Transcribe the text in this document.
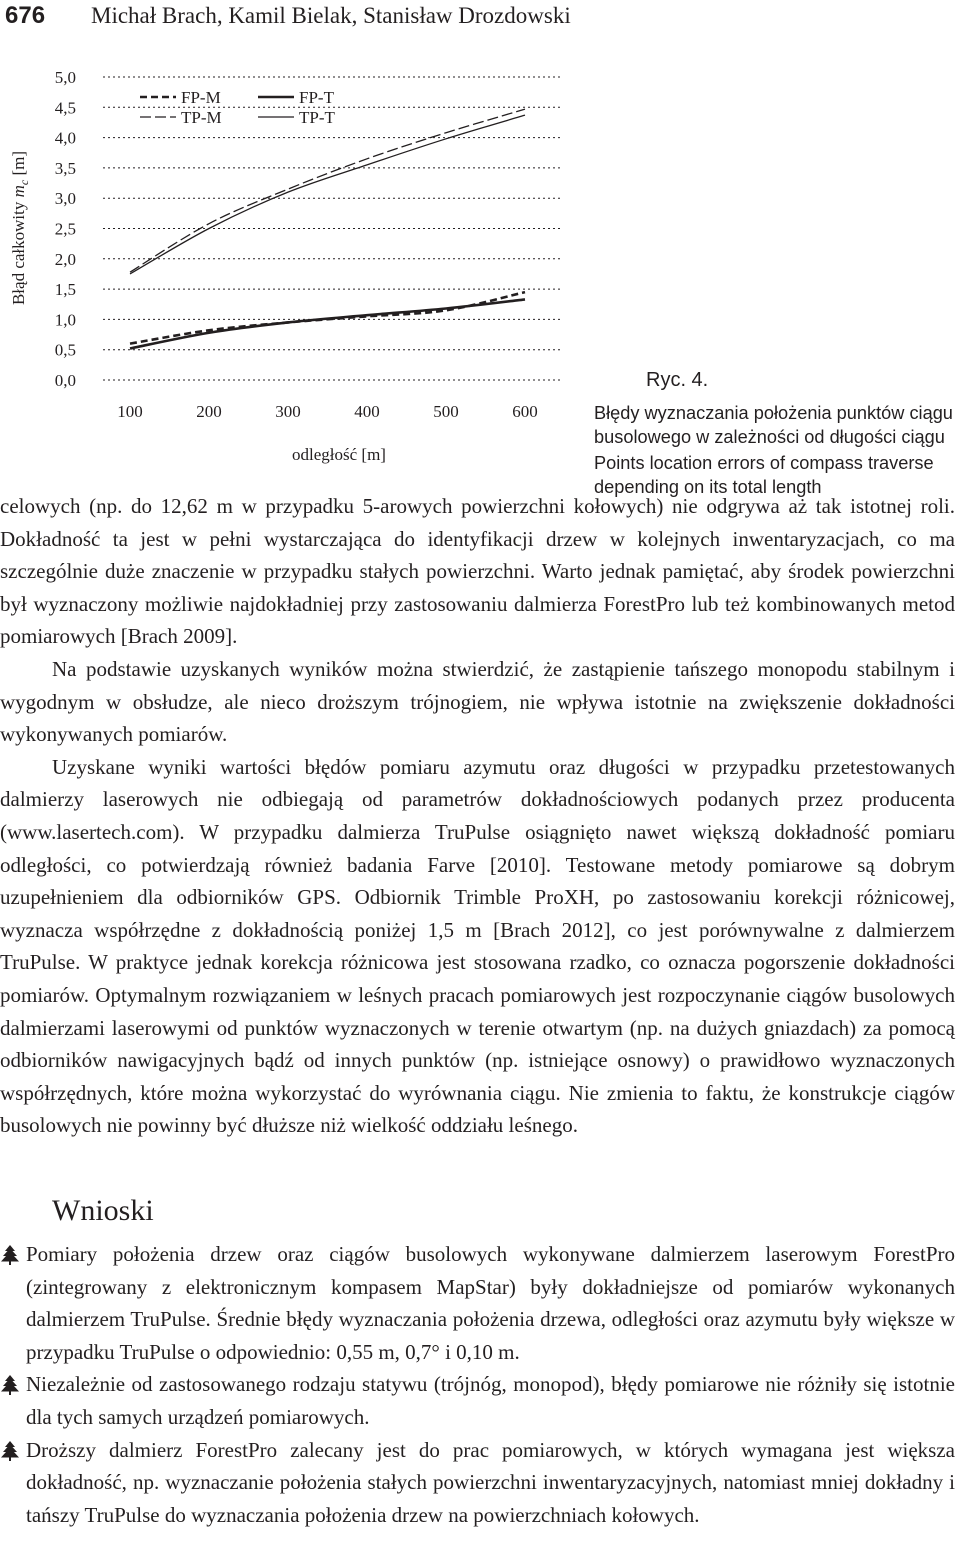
676 Michał Brach, Kamil Bielak, Stanisław Drozdowski
5,0
4,5
4,0
3,5
3,0
2,5
2,0
1,5
1,0
0,5
0,0
100	200	300	400	500	600
odległość [m]
Błąd całkowity $m_c$ [m]
FP-M
TP-M
FP-T
TP-T
Ryc. 4.
Błędy wyznaczania położenia punktów ciągu busolowego w zależności od długości ciągu
Points location errors of compass traverse depending on its total length

celowych (np. do 12,62 m w przypadku 5-arowych powierzchni kołowych) nie odgrywa aż tak istotnej roli. Dokładność ta jest w pełni wystarczająca do identyfikacji drzew w kolejnych inwentaryzacjach, co ma szczególnie duże znaczenie w przypadku stałych powierzchni. Warto jednak pamiętać, aby środek powierzchni był wyznaczony możliwie najdokładniej przy zastosowaniu dalmierza ForestPro lub też kombinowanych metod pomiarowych [Brach 2009].

Na podstawie uzyskanych wyników można stwierdzić, że zastąpienie tańszego monopodu stabilnym i wygodnym w obsłudze, ale nieco droższym trójnogiem, nie wpływa istotnie na zwiększenie dokładności wykonywanych pomiarów.

Uzyskane wyniki wartości błędów pomiaru azymutu oraz długości w przypadku przetestowanych dalmierzy laserowych nie odbiegają od parametrów dokładnościowych podanych przez producenta (www.lasertech.com). W przypadku dalmierza TruPulse osiągnięto nawet większą dokładność pomiaru odległości, co potwierdzają również badania Farve [2010]. Testowane metody pomiarowe są dobrym uzupełnieniem dla odbiorników GPS. Odbiornik Trimble ProXH, po zastosowaniu korekcji różnicowej, wyznacza współrzędne z dokładnością poniżej 1,5 m [Brach 2012], co jest porównywalne z dalmierzem TruPulse. W praktyce jednak korekcja różnicowa jest stosowana rzadko, co oznacza pogorszenie dokładności pomiarów. Optymalnym rozwiązaniem w leśnych pracach pomiarowych jest rozpoczynanie ciągów busolowych dalmierzami laserowymi od punktów wyznaczonych w terenie otwartym (np. na dużych gniazdach) za pomocą odbiorników nawigacyjnych bądź od innych punktów (np. istniejące osnowy) o prawidłowo wyznaczonych współrzędnych, które można wykorzystać do wyrównania ciągu. Nie zmienia to faktu, że konstrukcje ciągów busolowych nie powinny być dłuższe niż wielkość oddziału leśnego.

Wnioski
Pomiary położenia drzew oraz ciągów busolowych wykonywane dalmierzem laserowym ForestPro (zintegrowany z elektronicznym kompasem MapStar) były dokładniejsze od pomiarów wykonanych dalmierzem TruPulse. Średnie błędy wyznaczania położenia drzewa, odległości oraz azymutu były większe w przypadku TruPulse o odpowiednio: 0,55 m, 0,7° i 0,10 m.
Niezależnie od zastosowanego rodzaju statywu (trójnóg, monopod), błędy pomiarowe nie różniły się istotnie dla tych samych urządzeń pomiarowych.
Droższy dalmierz ForestPro zalecany jest do prac pomiarowych, w których wymagana jest większa dokładność, np. wyznaczanie położenia stałych powierzchni inwentaryzacyjnych, natomiast mniej dokładny i tańszy TruPulse do wyznaczania położenia drzew na powierzchniach kołowych.
